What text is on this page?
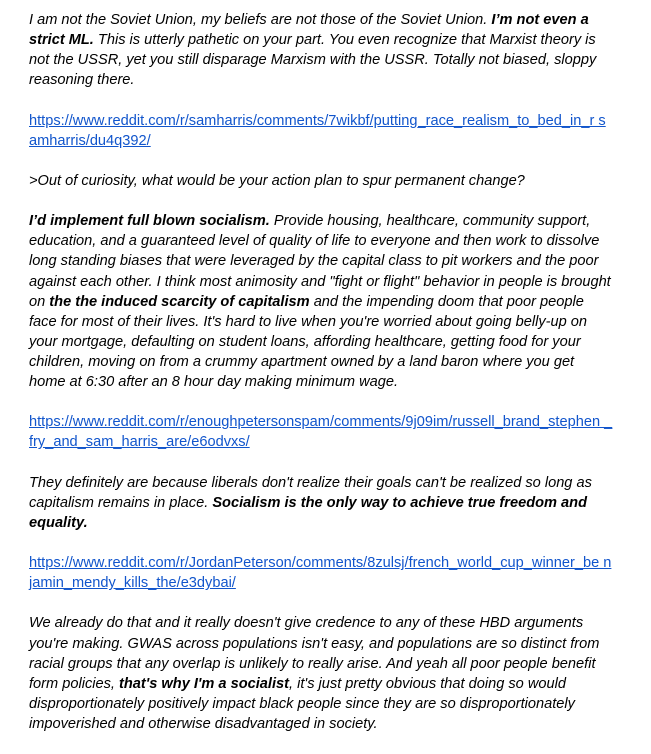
I am not the Soviet Union, my beliefs are not those of the Soviet Union. I’m not even a strict ML. This is utterly pathetic on your part. You even recognize that Marxist theory is not the USSR, yet you still disparage Marxism with the USSR. Totally not biased, sloppy reasoning there.

https://www.reddit.com/r/samharris/comments/7wikbf/putting_race_realism_to_bed_in_r samharris/du4q392/

>Out of curiosity, what would be your action plan to spur permanent change?

I’d implement full blown socialism. Provide housing, healthcare, community support, education, and a guaranteed level of quality of life to everyone and then work to dissolve long standing biases that were leveraged by the capital class to pit workers and the poor against each other. I think most animosity and "fight or flight" behavior in people is brought on the the induced scarcity of capitalism and the impending doom that poor people face for most of their lives. It's hard to live when you're worried about going belly-up on your mortgage, defaulting on student loans, affording healthcare, getting food for your children, moving on from a crummy apartment owned by a land baron where you get home at 6:30 after an 8 hour day making minimum wage.

https://www.reddit.com/r/enoughpetersonspam/comments/9j09im/russell_brand_stephen _fry_and_sam_harris_are/e6odvxs/

They definitely are because liberals don't realize their goals can't be realized so long as capitalism remains in place. Socialism is the only way to achieve true freedom and equality.

https://www.reddit.com/r/JordanPeterson/comments/8zulsj/french_world_cup_winner_be njamin_mendy_kills_the/e3dybai/

We already do that and it really doesn't give credence to any of these HBD arguments you're making. GWAS across populations isn't easy, and populations are so distinct from racial groups that any overlap is unlikely to really arise. And yeah all poor people benefit form policies, that's why I'm a socialist, it's just pretty obvious that doing so would disproportionately positively impact black people since they are so disproportionately impoverished and otherwise disadvantaged in society.
